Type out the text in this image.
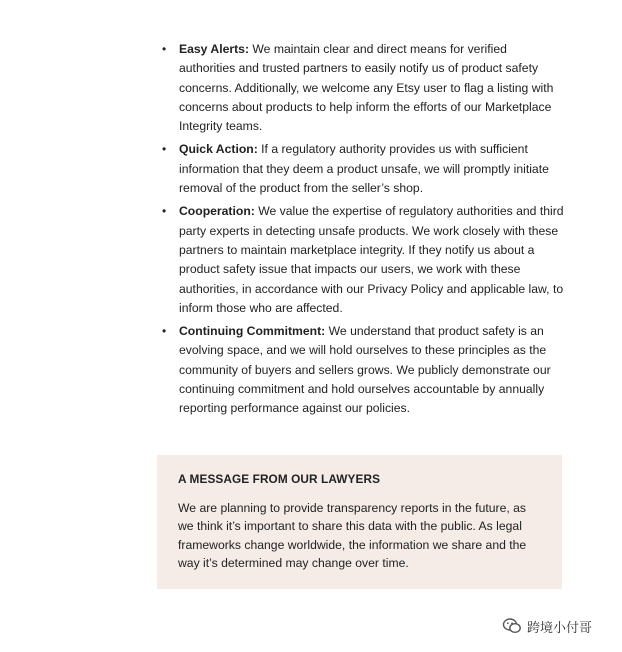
• Easy Alerts: We maintain clear and direct means for verified authorities and trusted partners to easily notify us of product safety concerns. Additionally, we welcome any Etsy user to flag a listing with concerns about products to help inform the efforts of our Marketplace Integrity teams.
• Quick Action: If a regulatory authority provides us with sufficient information that they deem a product unsafe, we will promptly initiate removal of the product from the seller’s shop.
• Cooperation: We value the expertise of regulatory authorities and third party experts in detecting unsafe products. We work closely with these partners to maintain marketplace integrity. If they notify us about a product safety issue that impacts our users, we work with these authorities, in accordance with our Privacy Policy and applicable law, to inform those who are affected.
• Continuing Commitment: We understand that product safety is an evolving space, and we will hold ourselves to these principles as the community of buyers and sellers grows. We publicly demonstrate our continuing commitment and hold ourselves accountable by annually reporting performance against our policies.
A MESSAGE FROM OUR LAWYERS

We are planning to provide transparency reports in the future, as we think it’s important to share this data with the public. As legal frameworks change worldwide, the information we share and the way it’s determined may change over time.

跨境小付哥
